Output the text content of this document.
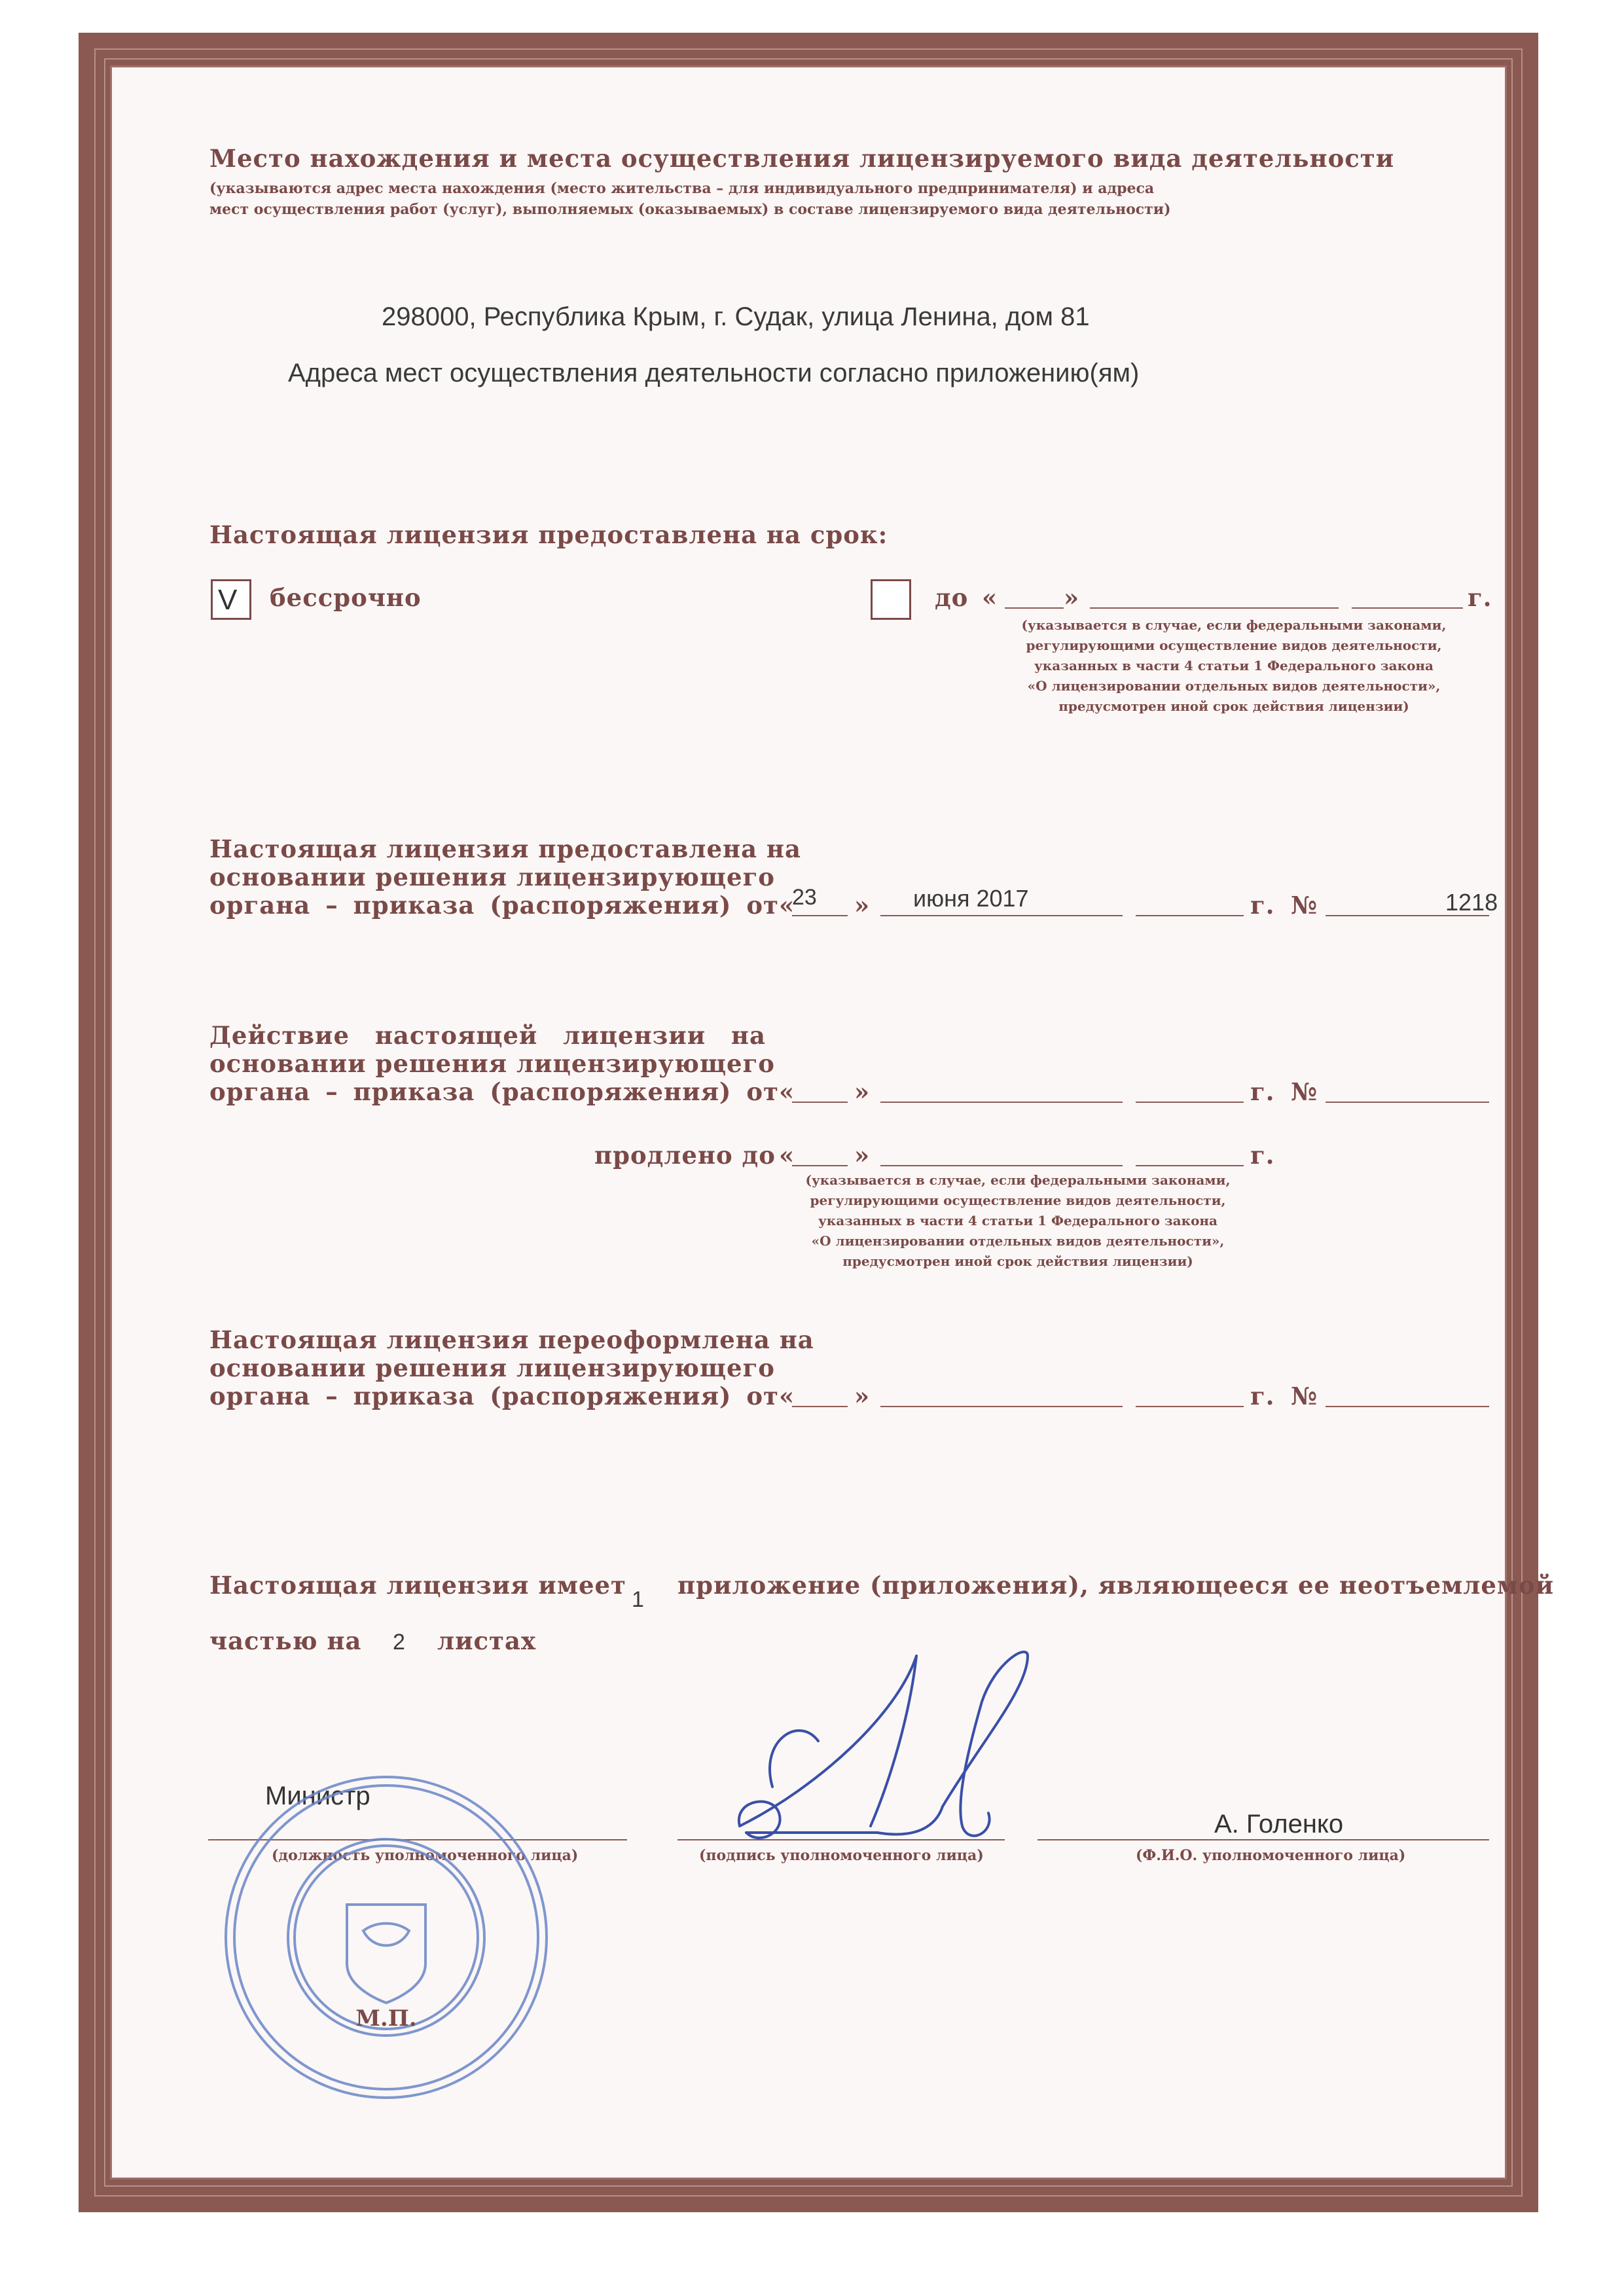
Место нахождения и места осуществления лицензируемого вида деятельности
(указываются адрес места нахождения (место жительства – для индивидуального предпринимателя) и адреса
мест осуществления работ (услуг), выполняемых (оказываемых) в составе лицензируемого вида деятельности)
298000, Республика Крым, г. Судак, улица Ленина, дом 81
Адреса мест осуществления деятельности согласно приложению(ям)
Настоящая лицензия предоставлена на срок:
V бессрочно	до «	»	г.
(указывается в случае, если федеральными законами,
регулирующими осуществление видов деятельности,
указанных в части 4 статьи 1 Федерального закона
«О лицензировании отдельных видов деятельности»,
предусмотрен иной срок действия лицензии)
Настоящая лицензия предоставлена на
основании решения лицензирующего
органа – приказа (распоряжения) от «
23 » июня 2017	г. №	1218
Действие настоящей лицензии на
основании решения лицензирующего
органа – приказа (распоряжения) от « »	г. №
продлено до « »	г.
(указывается в случае, если федеральными законами,
регулирующими осуществление видов деятельности,
указанных в части 4 статьи 1 Федерального закона
«О лицензировании отдельных видов деятельности»,
предусмотрен иной срок действия лицензии)
Настоящая лицензия переоформлена на
основании решения лицензирующего
органа – приказа (распоряжения) от « »	г. №
Настоящая лицензия имеет 1 приложение (приложения), являющееся ее неотъемлемой
частью на 2 листах
Министр
(должность уполномоченного лица)	(подпись уполномоченного лица)
А. Голенко
(Ф.И.О. уполномоченного лица)
М.П.
